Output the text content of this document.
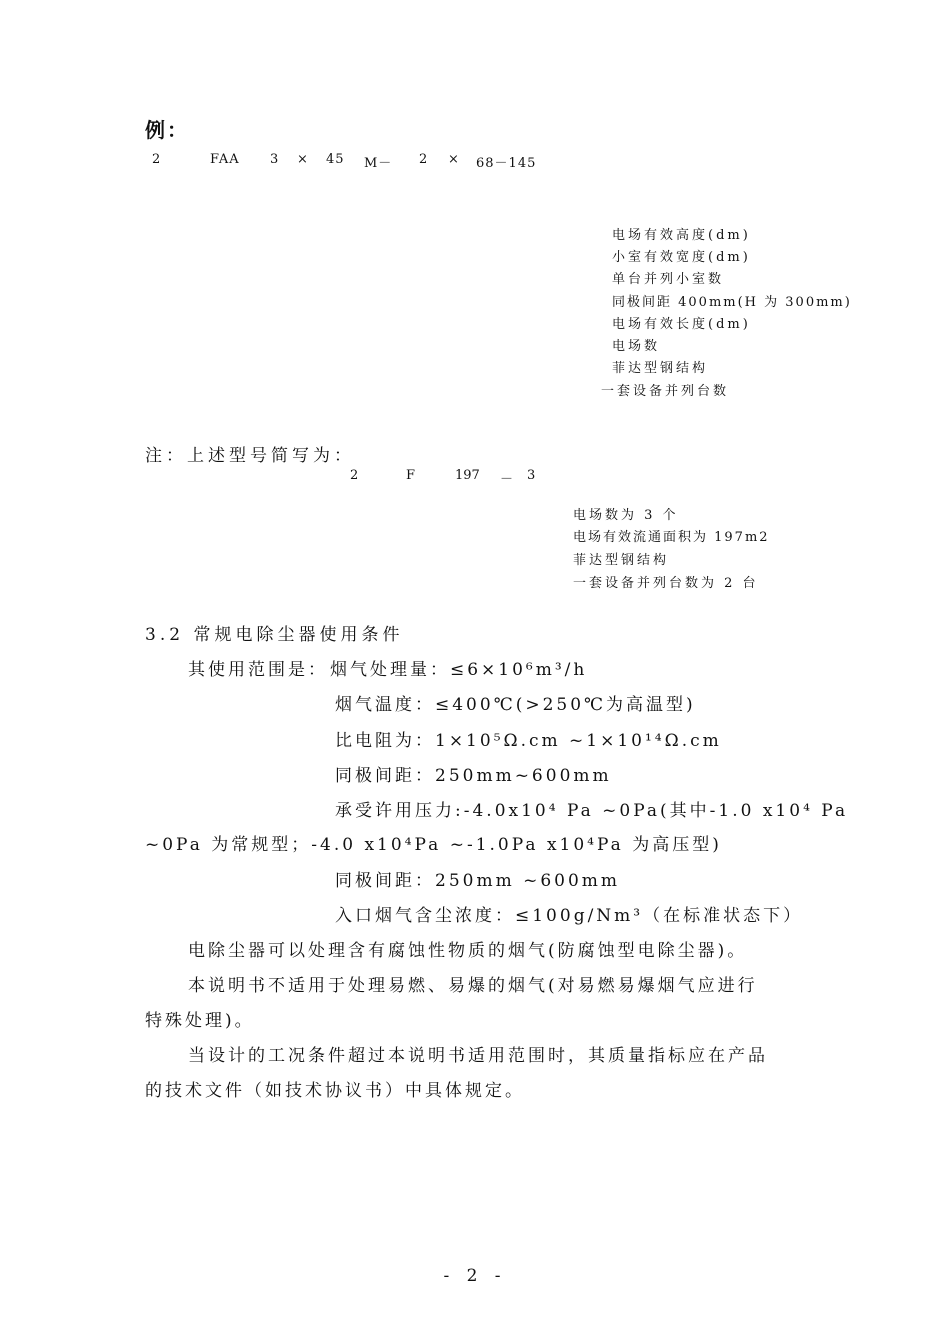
例：
2	FAA 3 × 45 M－ 2 × 68－145
电场有效高度(dm)
小室有效宽度(dm)
单台并列小室数
同极间距 400mm(H 为 300mm)
电场有效长度(dm)
电场数
菲达型钢结构
一套设备并列台数
注：上述型号简写为：
2	F	197 － 3
电场数为 3 个
电场有效流通面积为 197m2
菲达型钢结构
一套设备并列台数为 2 台
3.2 常规电除尘器使用条件
其使用范围是： 烟气处理量：≤6×10⁶m³/h
烟气温度：≤400℃(>250℃为高温型)
比电阻为：1×10⁵Ω.cm ~1×10¹⁴Ω.cm
同极间距：250mm~600mm
承受许用压力:-4.0x10⁴ Pa ~0Pa(其中-1.0 x10⁴ Pa
~0Pa 为常规型；-4.0 x10⁴Pa ~-1.0Pa x10⁴Pa 为高压型)
同极间距：250mm ~600mm
入口烟气含尘浓度：≤100g/Nm³（在标准状态下）
电除尘器可以处理含有腐蚀性物质的烟气(防腐蚀型电除尘器)。
本说明书不适用于处理易燃、易爆的烟气(对易燃易爆烟气应进行
特殊处理)。
当设计的工况条件超过本说明书适用范围时，其质量指标应在产品
的技术文件（如技术协议书）中具体规定。
- 2 -
